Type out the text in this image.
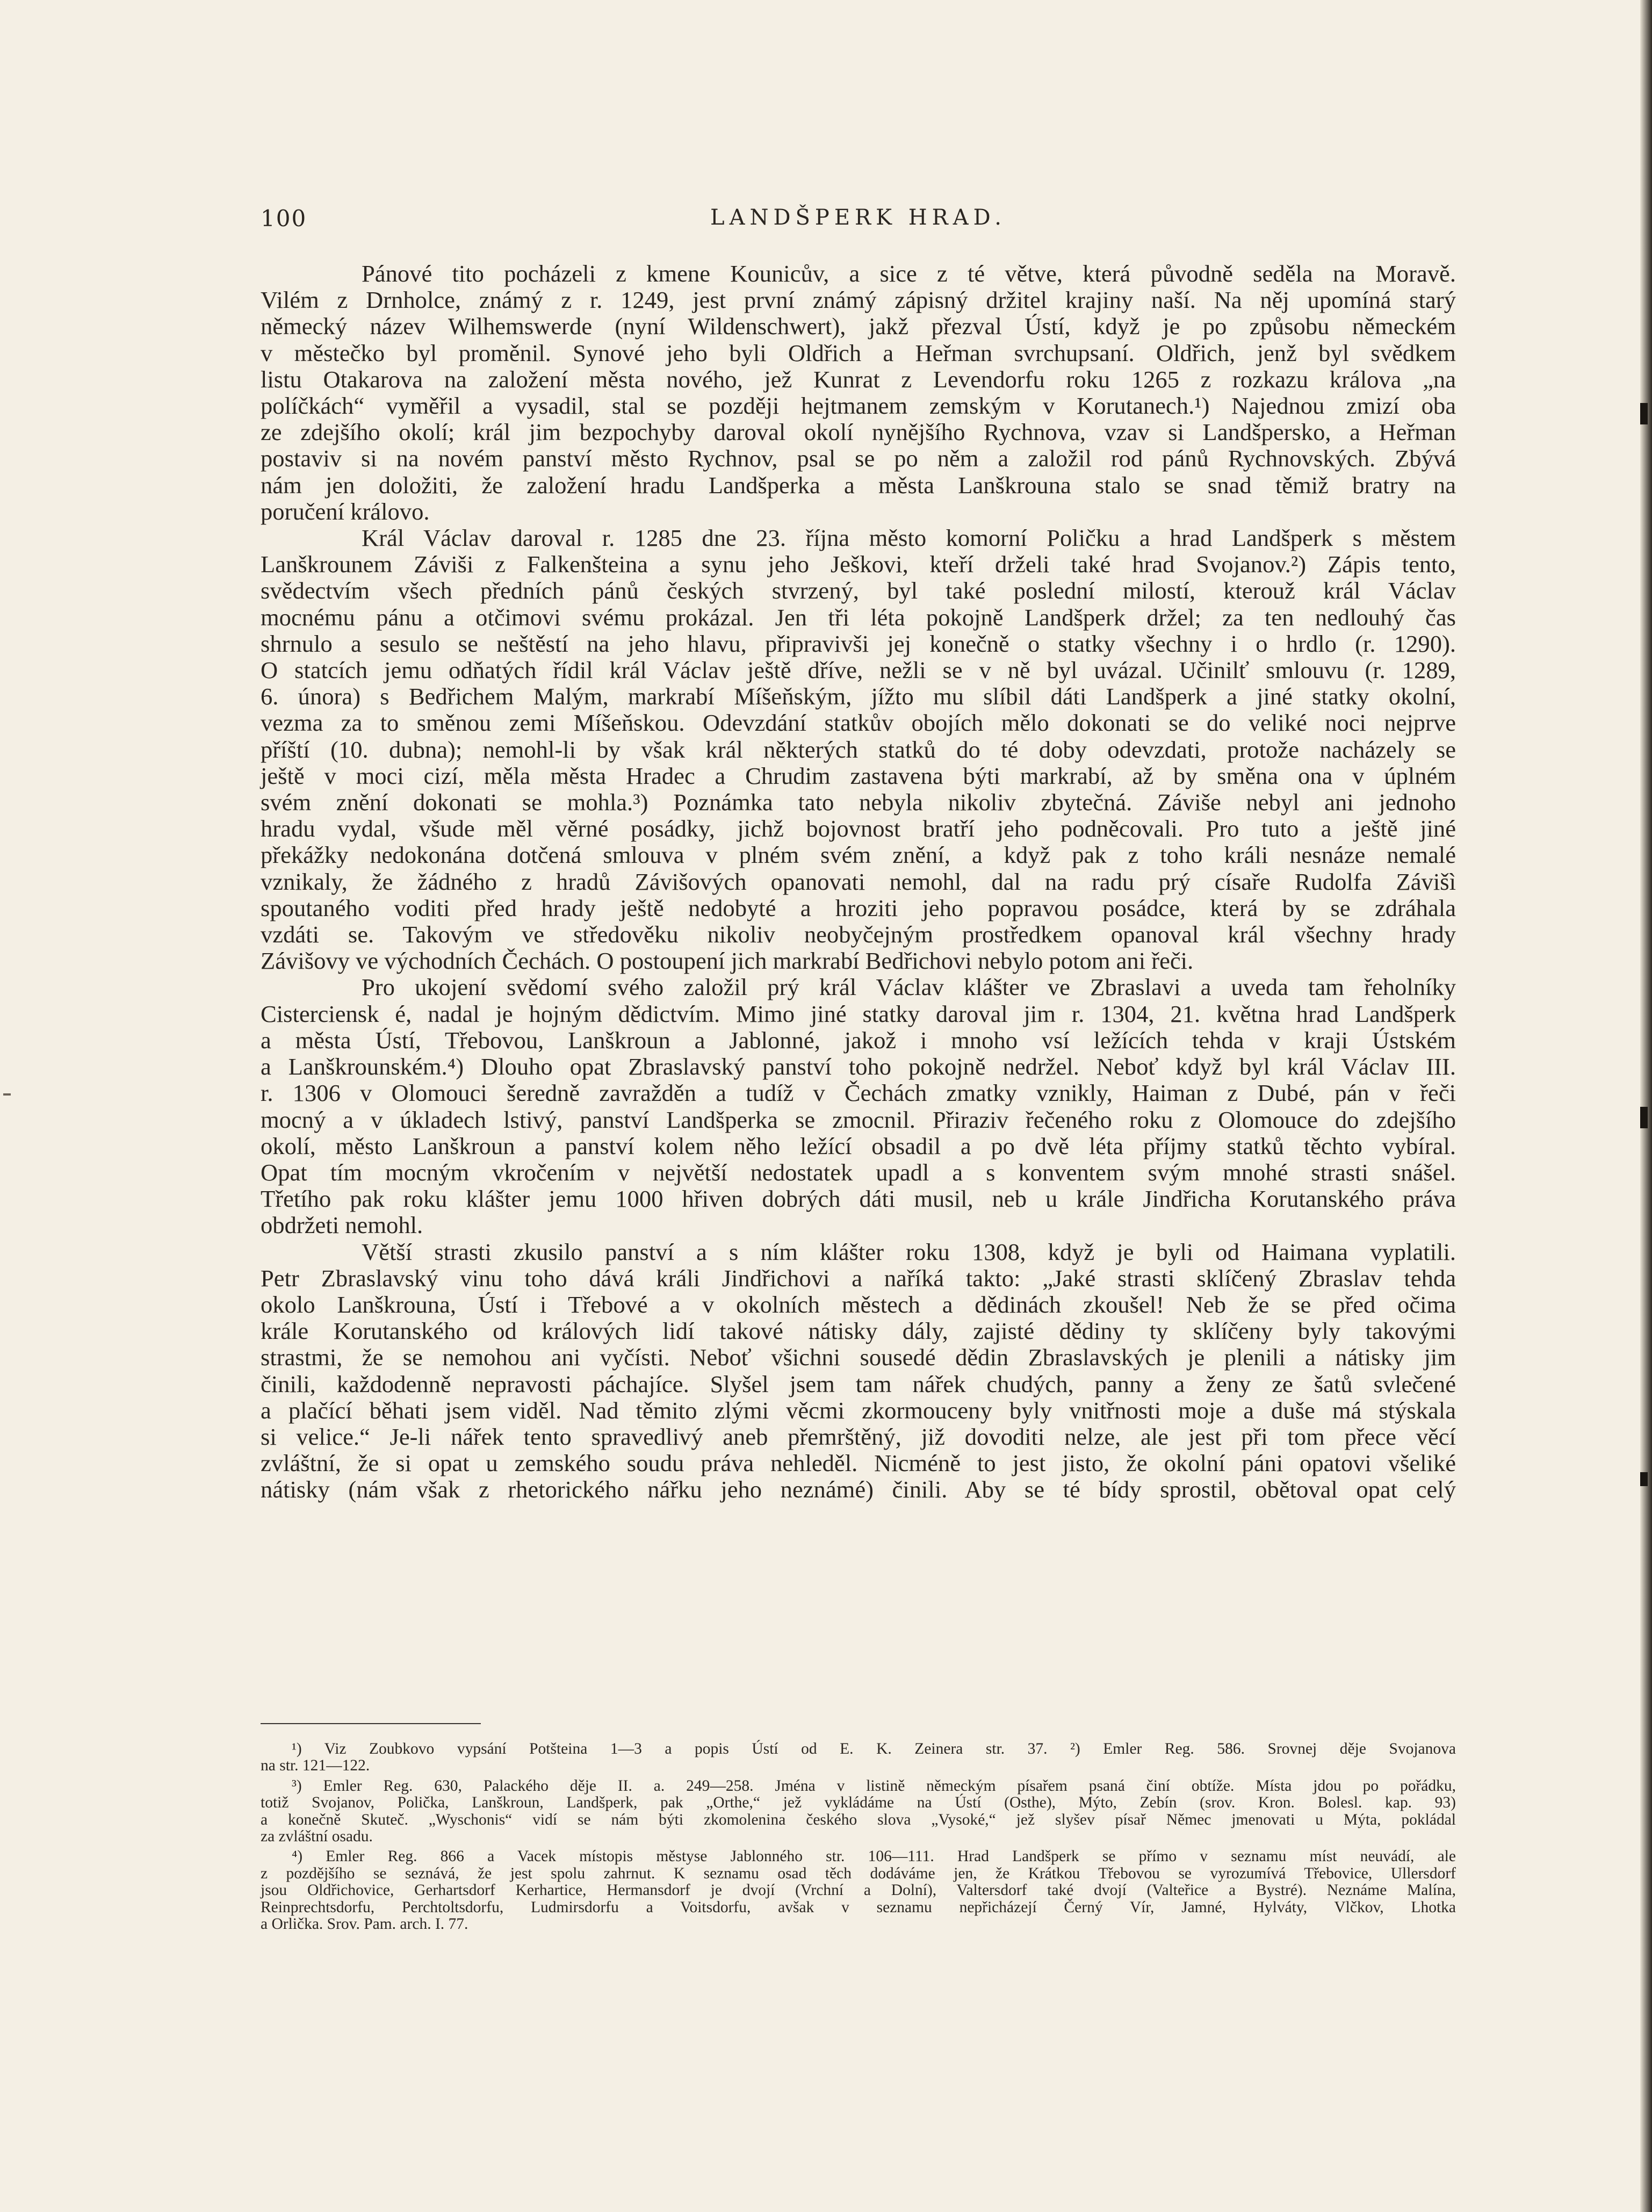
100	LANDŠPERK HRAD.

Pánové tito pocházeli z kmene Kounicův, a sice z té větve, která původně seděla na Moravě.
Vilém z Drnholce, známý z r. 1249, jest první známý zápisný držitel krajiny naší. Na něj upomíná starý
německý název Wilhemswerde (nyní Wildenschwert), jakž přezval Ústí, když je po způsobu německém
v městečko byl proměnil. Synové jeho byli Oldřich a Heřman svrchupsaní. Oldřich, jenž byl svědkem
listu Otakarova na založení města nového, jež Kunrat z Levendorfu roku 1265 z rozkazu králova „na
políčkách“ vyměřil a vysadil, stal se později hejtmanem zemským v Korutanech.¹) Najednou zmizí oba
ze zdejšího okolí; král jim bezpochyby daroval okolí nynějšího Rychnova, vzav si Landšpersko, a Heřman
postaviv si na novém panství město Rychnov, psal se po něm a založil rod pánů Rychnovských. Zbývá
nám jen doložiti, že založení hradu Landšperka a města Lanškrouna stalo se snad těmiž bratry na
poručení královo.

Král Václav daroval r. 1285 dne 23. října město komorní Poličku a hrad Landšperk s městem
Lanškrounem Záviši z Falkenšteina a synu jeho Ješkovi, kteří drželi také hrad Svojanov.²) Zápis tento,
svědectvím všech předních pánů českých stvrzený, byl také poslední milostí, kterouž král Václav
mocnému pánu a otčimovi svému prokázal. Jen tři léta pokojně Landšperk držel; za ten nedlouhý čas
shrnulo a sesulo se neštěstí na jeho hlavu, připravivši jej konečně o statky všechny i o hrdlo (r. 1290).
O statcích jemu odňatých řídil král Václav ještě dříve, nežli se v ně byl uvázal. Učinilť smlouvu (r. 1289,
6. února) s Bedřichem Malým, markrabí Míšeňským, jížto mu slíbil dáti Landšperk a jiné statky okolní,
vezma za to směnou zemi Míšeňskou. Odevzdání statkův obojích mělo dokonati se do veliké noci nejprve
příští (10. dubna); nemohl-li by však král některých statků do té doby odevzdati, protože nacházely se
ještě v moci cizí, měla města Hradec a Chrudim zastavena býti markrabí, až by směna ona v úplném
svém znění dokonati se mohla.³) Poznámka tato nebyla nikoliv zbytečná. Záviše nebyl ani jednoho
hradu vydal, všude měl věrné posádky, jichž bojovnost bratří jeho podněcovali. Pro tuto a ještě jiné
překážky nedokonána dotčená smlouva v plném svém znění, a když pak z toho králi nesnáze nemalé
vznikaly, že žádného z hradů Závišových opanovati nemohl, dal na radu prý císaře Rudolfa Závišì
spoutaného voditi před hrady ještě nedobyté a hroziti jeho popravou posádce, která by se zdráhala
vzdáti se. Takovým ve středověku nikoliv neobyčejným prostředkem opanoval král všechny hrady
Závišovy ve východních Čechách. O postoupení jich markrabí Bedřichovi nebylo potom ani řeči.

Pro ukojení svědomí svého založil prý král Václav klášter ve Zbraslavi a uveda tam řeholníky
Cisterciensk é, nadal je hojným dědictvím. Mimo jiné statky daroval jim r. 1304, 21. května hrad Landšperk
a města Ústí, Třebovou, Lanškroun a Jablonné, jakož i mnoho vsí ležících tehda v kraji Ústském
a Lanškrounském.⁴) Dlouho opat Zbraslavský panství toho pokojně nedržel. Neboť když byl král Václav III.
r. 1306 v Olomouci šeredně zavražděn a tudíž v Čechách zmatky vznikly, Haiman z Dubé, pán v řeči
mocný a v úkladech lstivý, panství Landšperka se zmocnil. Přiraziv řečeného roku z Olomouce do zdejšího
okolí, město Lanškroun a panství kolem něho ležící obsadil a po dvě léta příjmy statků těchto vybíral.
Opat tím mocným vkročením v největší nedostatek upadl a s konventem svým mnohé strasti snášel.
Třetího pak roku klášter jemu 1000 hřiven dobrých dáti musil, neb u krále Jindřicha Korutanského práva
obdržeti nemohl.

Větší strasti zkusilo panství a s ním klášter roku 1308, když je byli od Haimana vyplatili.
Petr Zbraslavský vinu toho dává králi Jindřichovi a naříká takto: „Jaké strasti sklíčený Zbraslav tehda
okolo Lanškrouna, Ústí i Třebové a v okolních městech a dědinách zkoušel! Neb že se před očima
krále Korutanského od králových lidí takové nátisky dály, zajisté dědiny ty sklíčeny byly takovými
strastmi, že se nemohou ani vyčísti. Neboť všichni sousedé dědin Zbraslavských je plenili a nátisky jim
činili, každodenně nepravosti páchajíce. Slyšel jsem tam nářek chudých, panny a ženy ze šatů svlečené
a plačící běhati jsem viděl. Nad těmito zlými věcmi zkormouceny byly vnitřnosti moje a duše má stýskala
si velice.“ Je-li nářek tento spravedlivý aneb přemrštěný, již dovoditi nelze, ale jest při tom přece věcí
zvláštní, že si opat u zemského soudu práva nehleděl. Nicméně to jest jisto, že okolní páni opatovi všeliké
nátisky (nám však z rhetorického nářku jeho neznámé) činili. Aby se té bídy sprostil, obětoval opat celý

¹) Viz Zoubkovo vypsání Potšteina 1—3 a popis Ústí od E. K. Zeinera str. 37. ²) Emler Reg. 586. Srovnej děje Svojanova
na str. 121—122.
³) Emler Reg. 630, Palackého děje II. a. 249—258. Jména v listině německým písařem psaná činí obtíže. Místa jdou po pořádku,
totiž Svojanov, Polička, Lanškroun, Landšperk, pak „Orthe,“ jež vykládáme na Ústí (Osthe), Mýto, Zebín (srov. Kron. Bolesl. kap. 93)
a konečně Skuteč. „Wyschonis“ vidí se nám býti zkomolenina českého slova „Vysoké,“ jež slyšev písař Němec jmenovati u Mýta, pokládal
za zvláštní osadu.
⁴) Emler Reg. 866 a Vacek místopis městyse Jablonného str. 106—111. Hrad Landšperk se přímo v seznamu míst neuvádí, ale
z pozdějšího se seznává, že jest spolu zahrnut. K seznamu osad těch dodáváme jen, že Krátkou Třebovou se vyrozumívá Třebovice, Ullersdorf
jsou Oldřichovice, Gerhartsdorf Kerhartice, Hermansdorf je dvojí (Vrchní a Dolní), Valtersdorf také dvojí (Valteřice a Bystré). Neznáme Malína,
Reinprechtsdorfu, Perchtoltsdorfu, Ludmirsdorfu a Voitsdorfu, avšak v seznamu nepřicházejí Černý Vír, Jamné, Hylváty, Vlčkov, Lhotka
a Orlička. Srov. Pam. arch. I. 77.
